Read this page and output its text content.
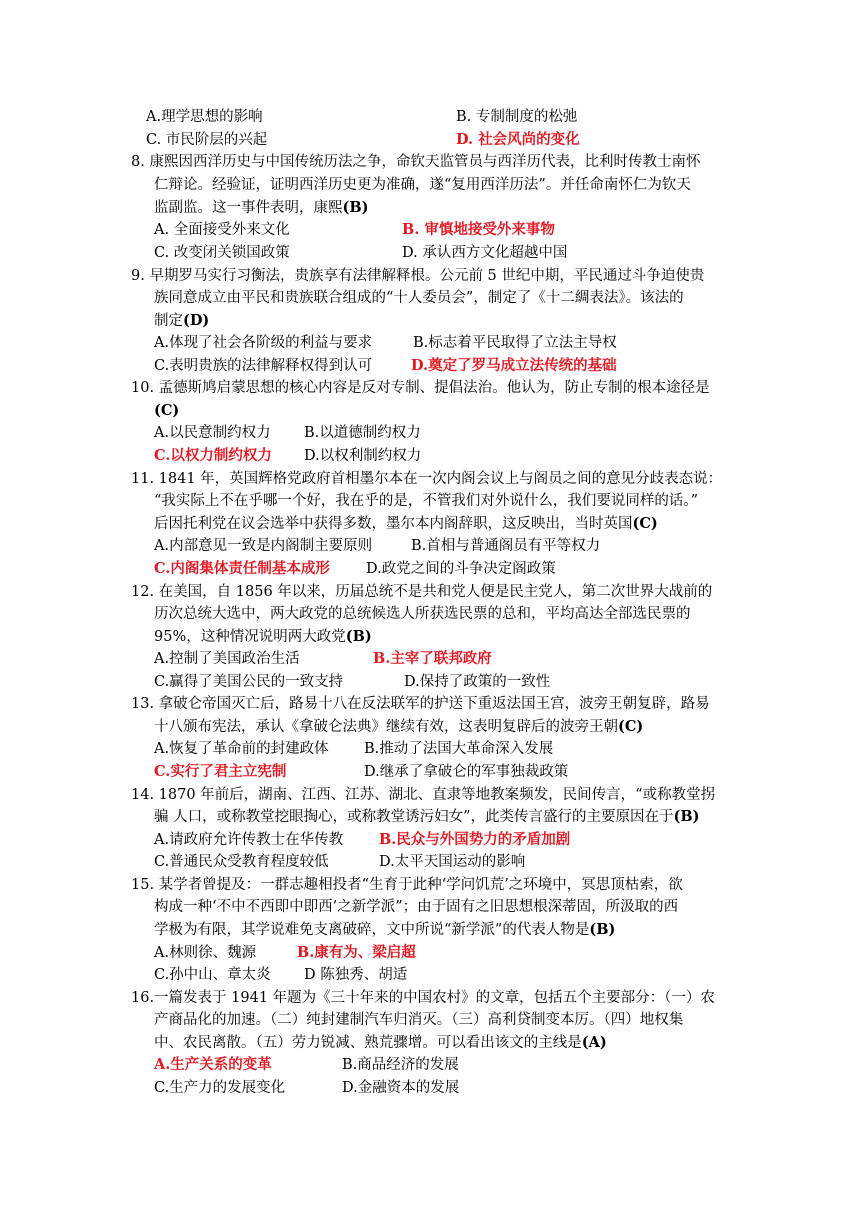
A.理学思想的影响	B. 专制制度的松弛
C. 市民阶层的兴起	D. 社会风尚的变化
8. 康熙因西洋历史与中国传统历法之争，命钦天监管员与西洋历代表，比利时传教士南怀
仁辩论。经验证，证明西洋历史更为准确，遂“复用西洋历法”。并任命南怀仁为钦天
监副监。这一事件表明，康熙(B)
A. 全面接受外来文化	B. 审慎地接受外来事物
C. 改变闭关锁国政策	D. 承认西方文化超越中国
9. 早期罗马实行习衡法，贵族享有法律解释根。公元前 5 世纪中期，平民通过斗争迫使贵
族同意成立由平民和贵族联合组成的“十人委员会”，制定了《十二綢表法》。该法的
制定(D)
A.体现了社会各阶级的利益与要求	B.标志着平民取得了立法主导权
C.表明贵族的法律解释权得到认可	D.奠定了罗马成立法传统的基础
10. 孟德斯鸠启蒙思想的核心内容是反对专制、提倡法治。他认为，防止专制的根本途径是
(C)
A.以民意制约权力 B.以道德制约权力
C.以权力制约权力 D.以权利制约权力
11. 1841 年，英国辉格党政府首相墨尔本在一次内阁会议上与阁员之间的意见分歧表态说：
“我实际上不在乎哪一个好，我在乎的是，不管我们对外说什么，我们要说同样的话。”
后因托利党在议会选举中获得多数，墨尔本内阁辞职，这反映出，当时英国(C)
A.内部意见一致是内阁制主要原则	B.首相与普通阁员有平等权力
C.内阁集体责任制基本成形 D.政党之间的斗争决定阁政策
12. 在美国，自 1856 年以来，历届总统不是共和党人便是民主党人，第二次世界大战前的
历次总统大选中，两大政党的总统候选人所获选民票的总和，平均高达全部选民票的
95%，这种情况说明两大政党(B)
A.控制了美国政治生活	B.主宰了联邦政府
C.赢得了美国公民的一致支持	D.保持了政策的一致性
13. 拿破仑帝国灭亡后，路易十八在反法联军的护送下重返法国王宫，波旁王朝复辟，路易
十八颁布宪法，承认《拿破仑法典》继续有效，这表明复辟后的波旁王朝(C)
A.恢复了革命前的封建政体 B.推动了法国大革命深入发展
C.实行了君主立宪制	D.继承了拿破仑的军事独裁政策
14. 1870 年前后，湖南、江西、江苏、湖北、直隶等地教案频发，民间传言，“或称教堂拐
骗 人口，或称教堂挖眼掏心，或称教堂诱污妇女”，此类传言盛行的主要原因在于(B)
A.请政府允许传教士在华传教 B.民众与外国势力的矛盾加剧
C.普通民众受教育程度较低	D.太平天国运动的影响
15. 某学者曾提及：一群志趣相投者“生育于此种‘学问饥荒’之环境中，冥思顶枯索，欲
构成一种‘不中不西即中即西’之新学派”；由于固有之旧思想根深蒂固，所汲取的西
学极为有限，其学说难免支离破碎，文中所说“新学派”的代表人物是(B)
A.林则徐、魏源	B.康有为、梁启超
C.孙中山、章太炎 D 陈独秀、胡适
16.一篇发表于 1941 年题为《三十年来的中国农村》的文章，包括五个主要部分：（一）农
产商品化的加速。（二）纯封建制汽车归消灭。（三）高利贷制变本厉。（四）地权集
中、农民离散。（五）劳力锐减、熟荒骤增。可以看出该文的主线是(A)
A.生产关系的变革	B.商品经济的发展
C.生产力的发展变化	D.金融资本的发展
